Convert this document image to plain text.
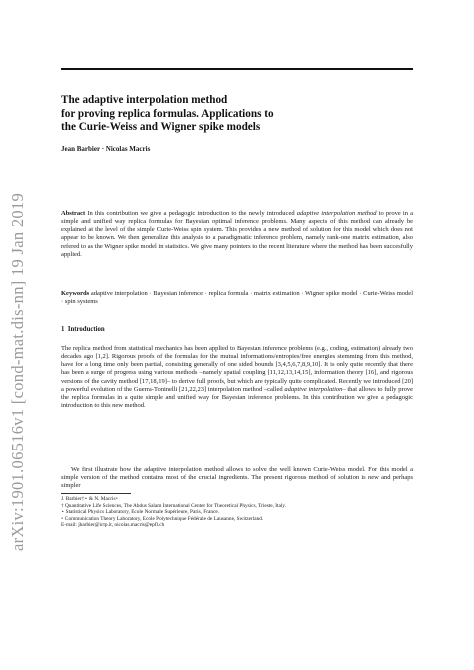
arXiv:1901.06516v1 [cond-mat.dis-nn] 19 Jan 2019
The adaptive interpolation method
for proving replica formulas. Applications to
the Curie-Weiss and Wigner spike models
Jean Barbier · Nicolas Macris
Abstract In this contribution we give a pedagogic introduction to the newly introduced adaptive interpolation method to prove in a simple and unified way replica formulas for Bayesian optimal inference problems. Many aspects of this method can already be explained at the level of the simple Curie-Weiss spin system. This provides a new method of solution for this model which does not appear to be known. We then generalize this analysis to a paradigmatic inference problem, namely rank-one matrix estimation, also refered to as the Wigner spike model in statistics. We give many pointers to the recent literature where the method has been succesfully applied.
Keywords adaptive interpolation · Bayesian inference · replica formula · matrix estimation · Wigner spike model · Curie-Weiss model · spin systems
1 Introduction
The replica method from statistical mechanics has been applied to Bayesian inference problems (e.g., coding, estimation) already two decades ago [1,2]. Rigorous proofs of the formulas for the mutual informations/entropies/free energies stemming from this method, have for a long time only been partial, consisting generally of one sided bounds [3,4,5,6,7,8,9,10]. It is only quite recently that there has been a surge of progress using various methods –namely spatial coupling [11,12,13,14,15], information theory [16], and rigorous versions of the cavity method [17,18,19]– to derive full proofs, but which are typically quite complicated. Recently we introduced [20] a powerful evolution of the Guerra-Toninelli [21,22,23] interpolation method –called adaptive interpolation– that allows to fully prove the replica formulas in a quite simple and unified way for Bayesian inference problems. In this contribution we give a pedagogic introduction to this new method.
We first illustrate how the adaptive interpolation method allows to solve the well known Curie-Weiss model. For this model a simple version of the method contains most of the crucial ingredients. The present rigorous method of solution is new and perhaps simpler
J. Barbier†⋆ & N. Macris∘
† Quantitative Life Sciences, The Abdus Salam International Center for Theoretical Physics, Trieste, Italy.
⋆ Statistical Physics Laboratory, Ecole Normale Supérieure, Paris, France.
∘ Communication Theory Laboratory, Ecole Polytechnique Fédérale de Lausanne, Switzerland.
E-mail: jbarbier@ictp.it, nicolas.macris@epfl.ch
